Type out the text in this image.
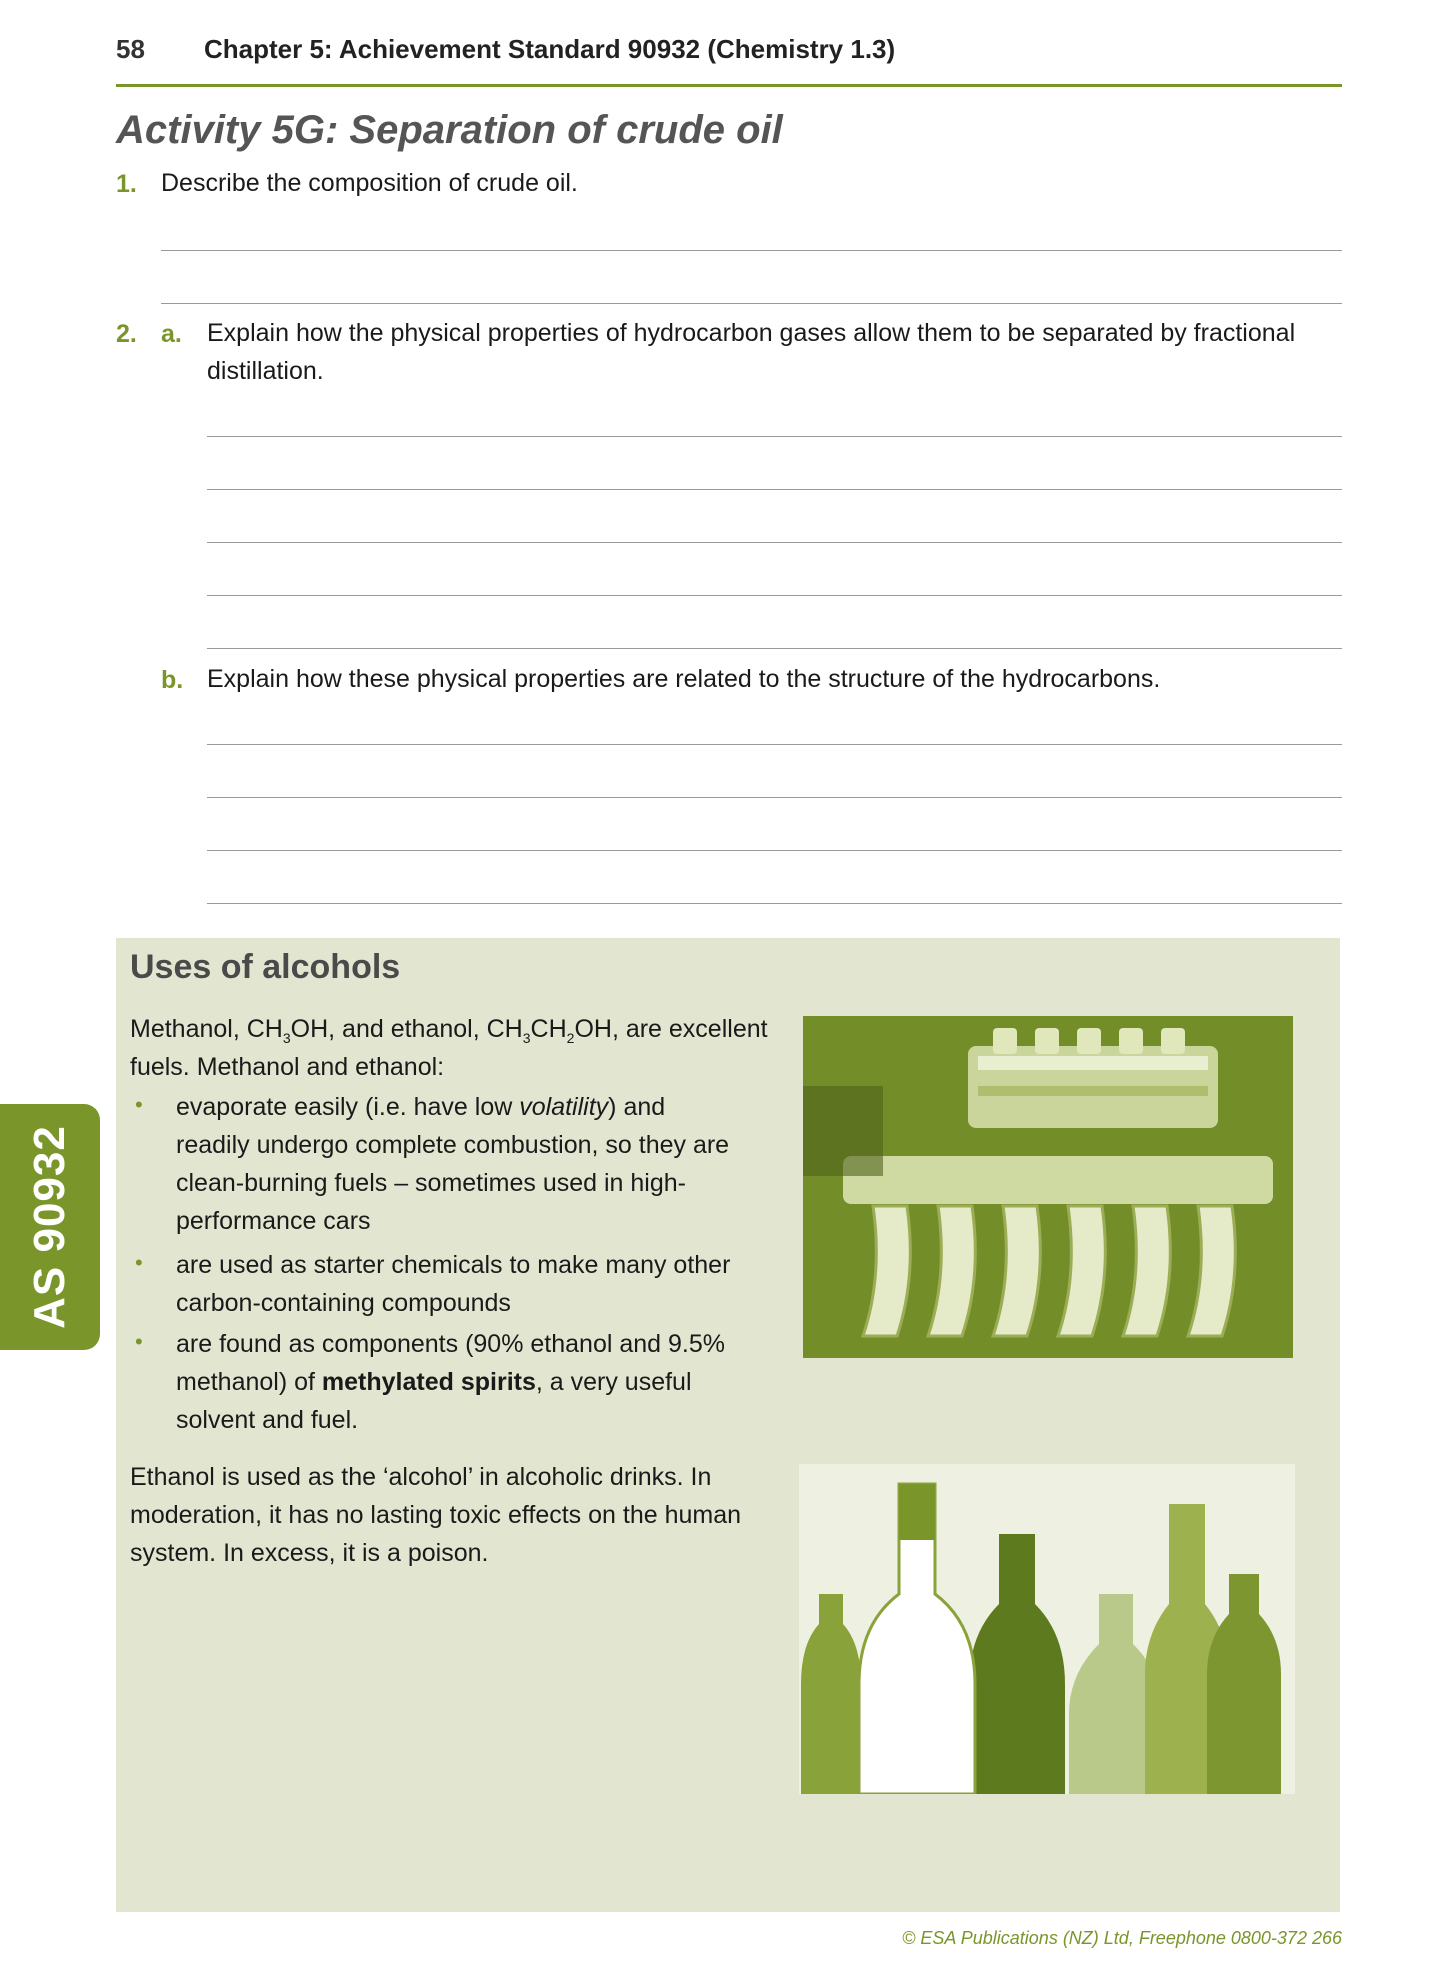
58 Chapter 5: Achievement Standard 90932 (Chemistry 1.3)
Activity 5G: Separation of crude oil
1. Describe the composition of crude oil.
2. a. Explain how the physical properties of hydrocarbon gases allow them to be separated by fractional
distillation.
b. Explain how these physical properties are related to the structure of the hydrocarbons.
Uses of alcohols
Methanol, $CH_3OH$, and ethanol, $CH_3CH_2OH$, are excellent
fuels. Methanol and ethanol:
• evaporate easily (i.e. have low volatility) and
readily undergo complete combustion, so they are
clean-burning fuels – sometimes used in high-
performance cars
• are used as starter chemicals to make many other
carbon-containing compounds
• are found as components (90% ethanol and 9.5%
methanol) of methylated spirits, a very useful
solvent and fuel.
Ethanol is used as the ‘alcohol’ in alcoholic drinks. In
moderation, it has no lasting toxic effects on the human
system. In excess, it is a poison.
AS 90932
© ESA Publications (NZ) Ltd, Freephone 0800-372 266
